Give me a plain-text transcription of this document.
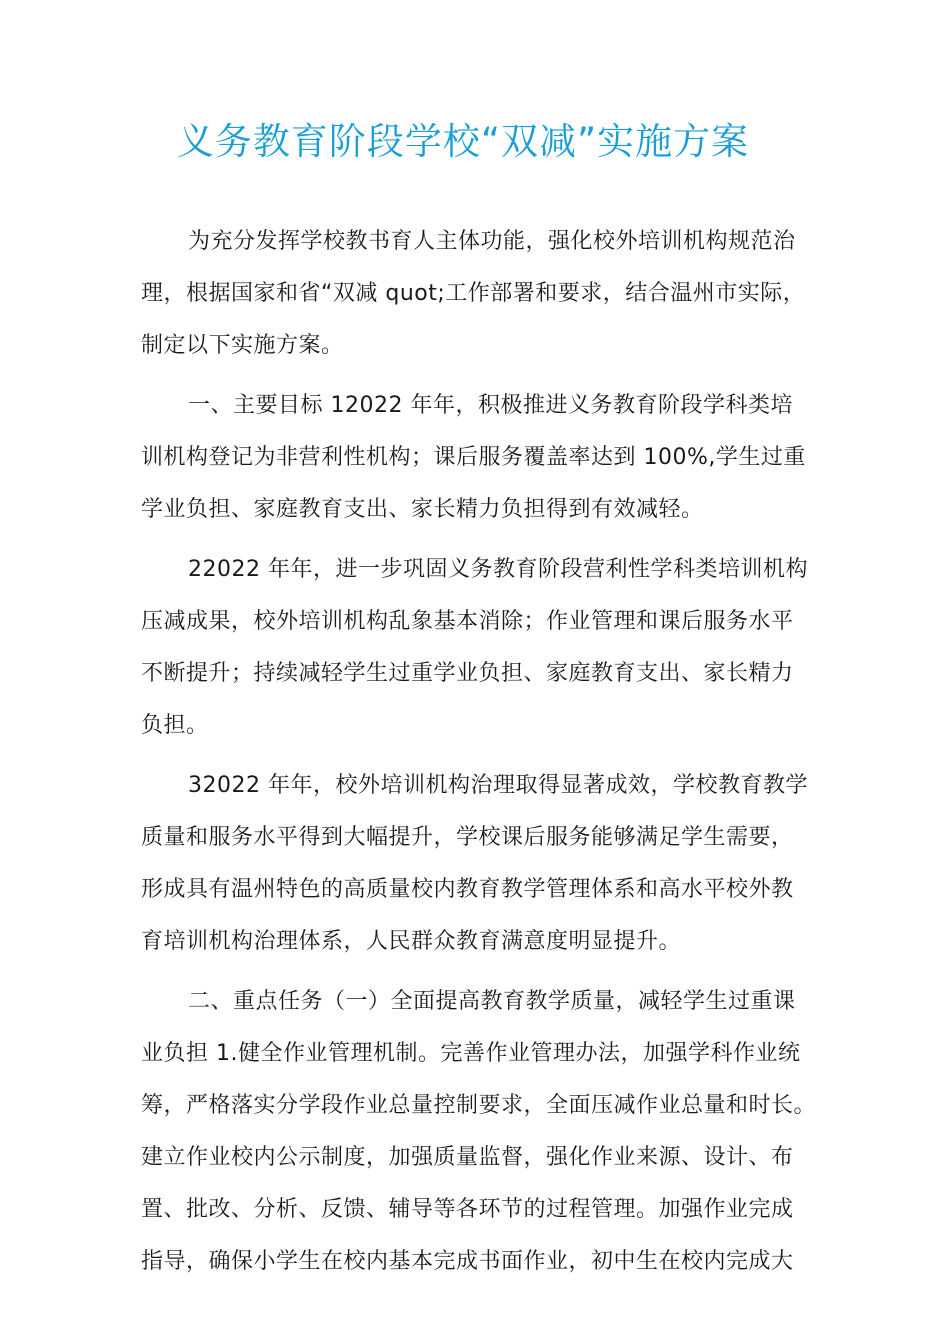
义务教育阶段学校“双减”实施方案
为充分发挥学校教书育人主体功能，强化校外培训机构规范治
理，根据国家和省“双减 quot;工作部署和要求，结合温州市实际，
制定以下实施方案。
一、主要目标 12022 年年，积极推进义务教育阶段学科类培
训机构登记为非营利性机构；课后服务覆盖率达到 100%,学生过重
学业负担、家庭教育支出、家长精力负担得到有效减轻。
22022 年年，进一步巩固义务教育阶段营利性学科类培训机构
压减成果，校外培训机构乱象基本消除；作业管理和课后服务水平
不断提升；持续减轻学生过重学业负担、家庭教育支出、家长精力
负担。
32022 年年，校外培训机构治理取得显著成效，学校教育教学
质量和服务水平得到大幅提升，学校课后服务能够满足学生需要，
形成具有温州特色的高质量校内教育教学管理体系和高水平校外教
育培训机构治理体系，人民群众教育满意度明显提升。
二、重点任务（一）全面提高教育教学质量，减轻学生过重课
业负担 1.健全作业管理机制。完善作业管理办法，加强学科作业统
筹，严格落实分学段作业总量控制要求，全面压减作业总量和时长。
建立作业校内公示制度，加强质量监督，强化作业来源、设计、布
置、批改、分析、反馈、辅导等各环节的过程管理。加强作业完成
指导，确保小学生在校内基本完成书面作业，初中生在校内完成大
